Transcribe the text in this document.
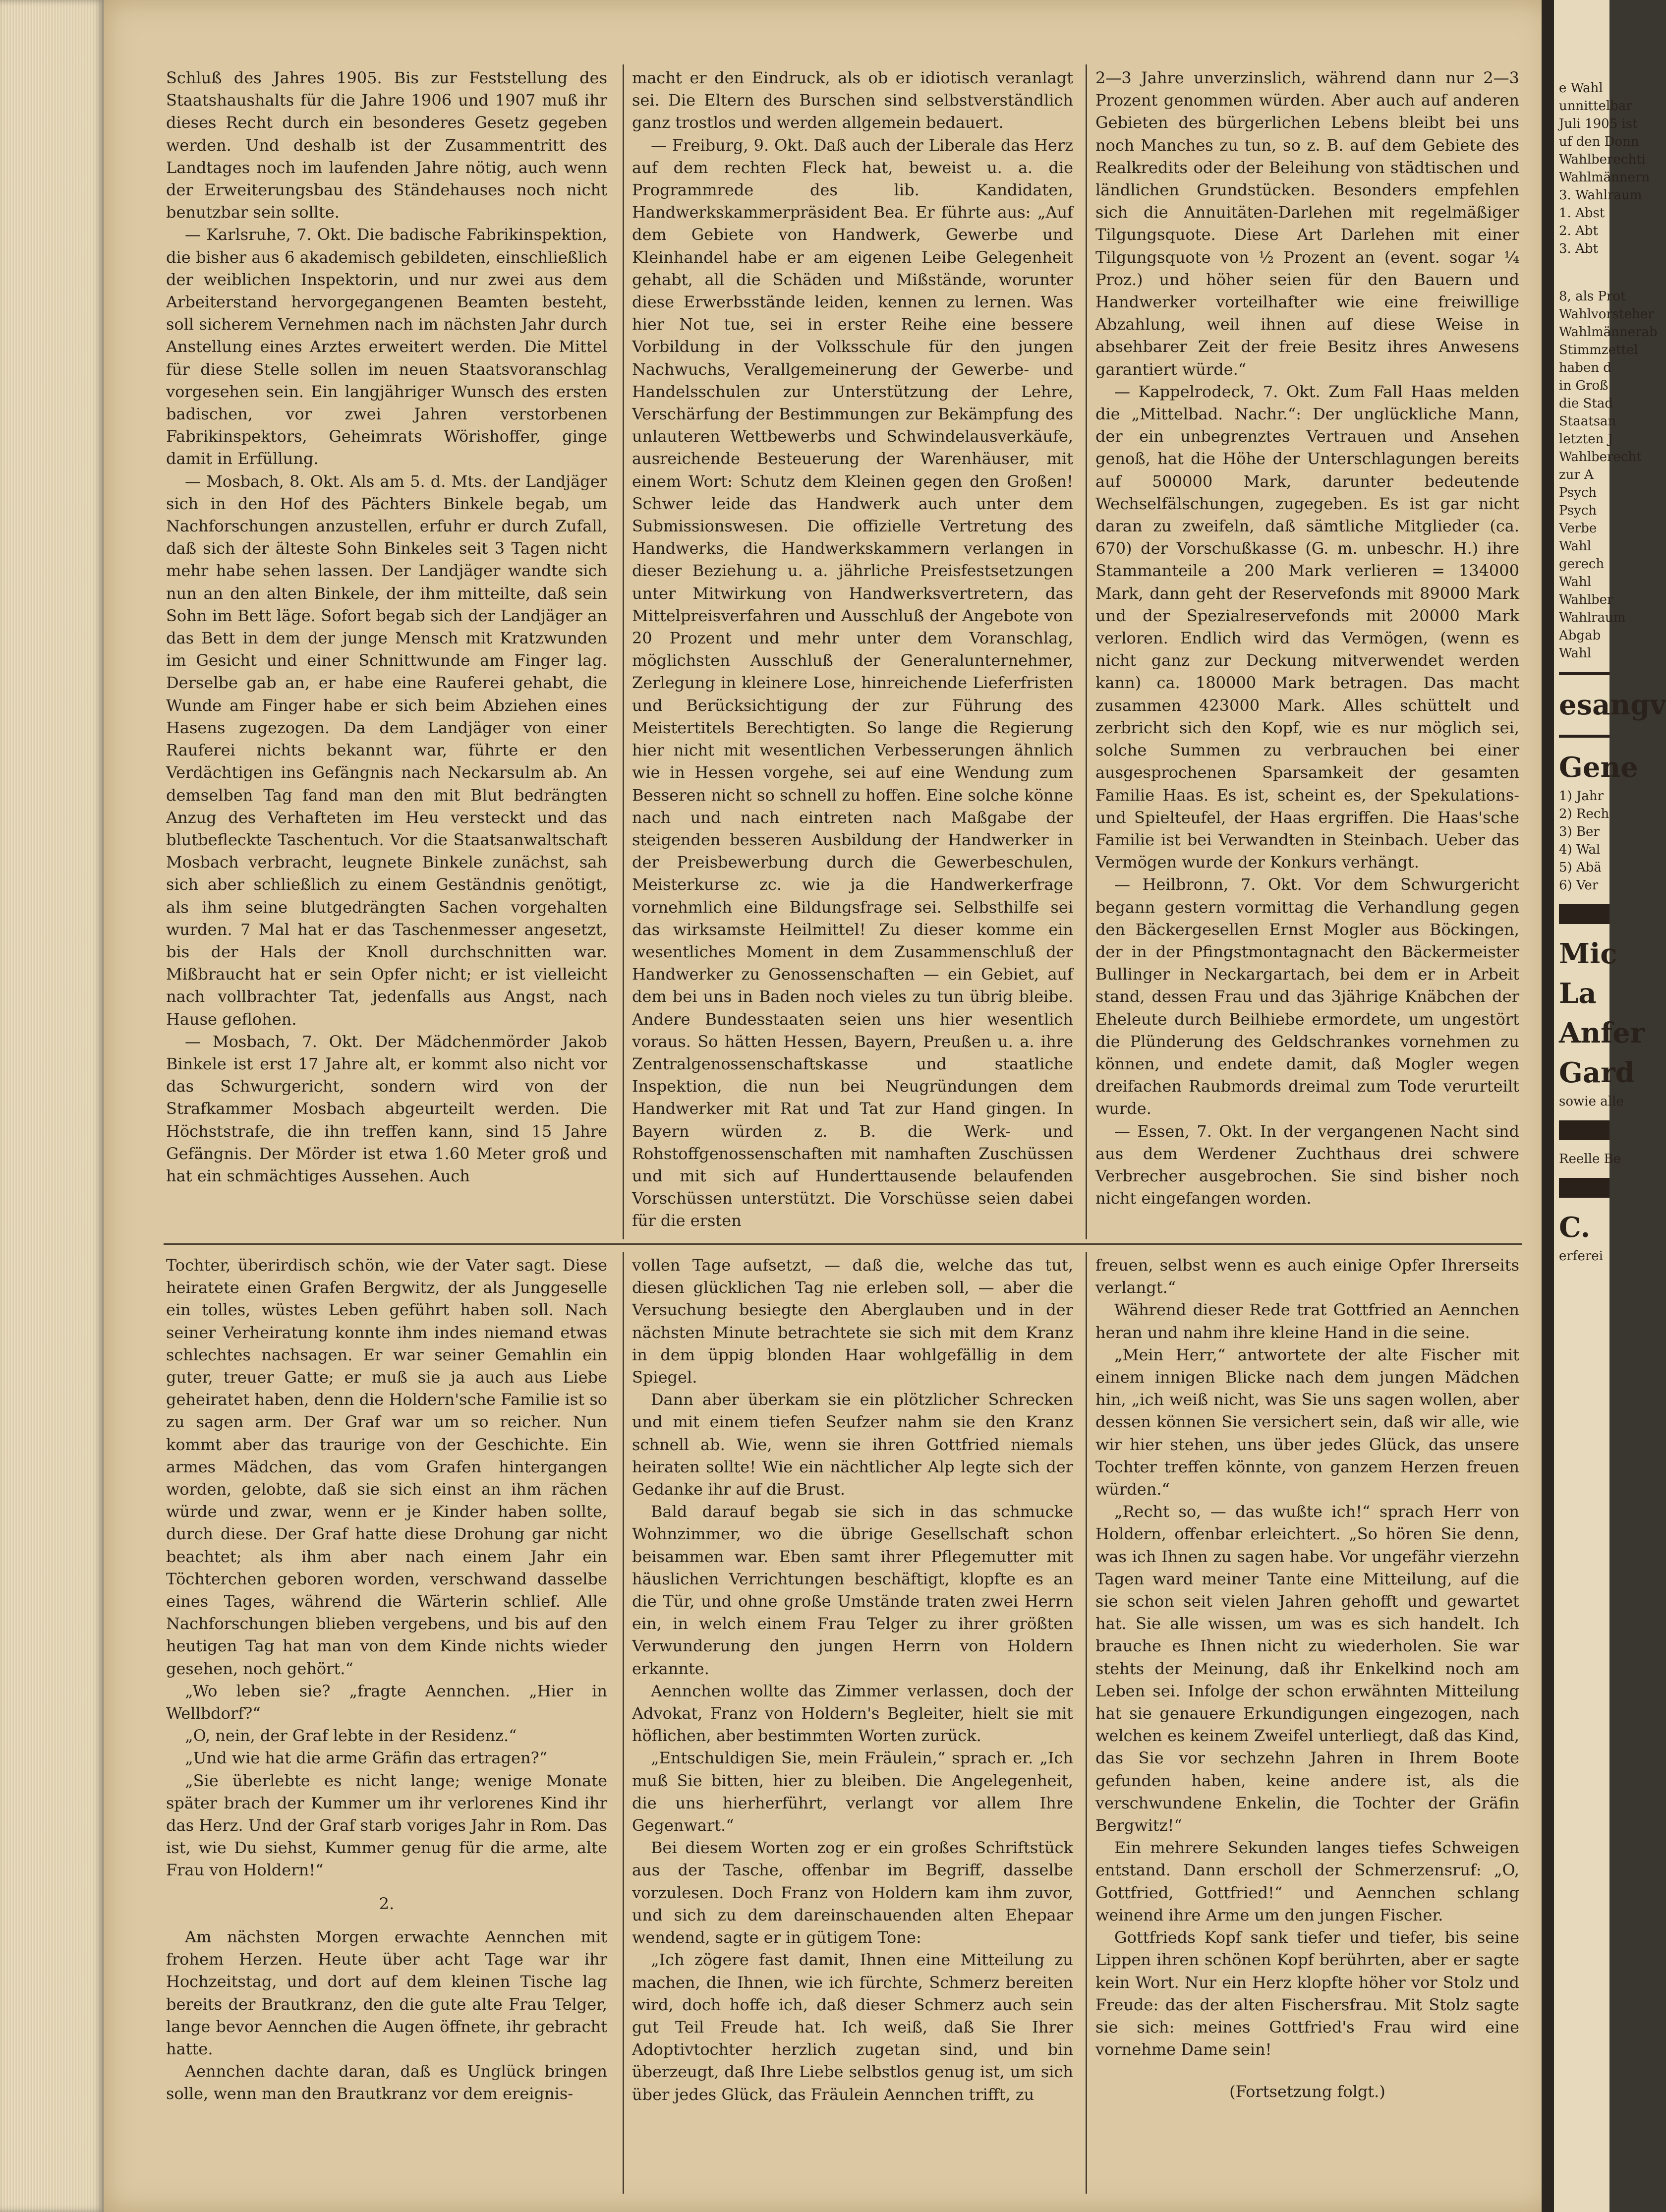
Schluß des Jahres 1905. Bis zur Feststellung des Staatshaushalts für die Jahre 1906 und 1907 muß ihr dieses Recht durch ein besonderes Gesetz gegeben werden. Und deshalb ist der Zusammentritt des Landtages noch im laufenden Jahre nötig, auch wenn der Erweiterungsbau des Ständehauses noch nicht benutzbar sein sollte.

— Karlsruhe, 7. Okt. Die badische Fabrikinspektion, die bisher aus 6 akademisch gebildeten, einschließlich der weiblichen Inspektorin, und nur zwei aus dem Arbeiterstand hervorgegangenen Beamten besteht, soll sicherem Vernehmen nach im nächsten Jahr durch Anstellung eines Arztes erweitert werden. Die Mittel für diese Stelle sollen im neuen Staatsvoranschlag vorgesehen sein. Ein langjähriger Wunsch des ersten badischen, vor zwei Jahren verstorbenen Fabrikinspektors, Geheimrats Wörishoffer, ginge damit in Erfüllung.

— Mosbach, 8. Okt. Als am 5. d. Mts. der Landjäger sich in den Hof des Pächters Binkele begab, um Nachforschungen anzustellen, erfuhr er durch Zufall, daß sich der älteste Sohn Binkeles seit 3 Tagen nicht mehr habe sehen lassen. Der Landjäger wandte sich nun an den alten Binkele, der ihm mitteilte, daß sein Sohn im Bett läge. Sofort begab sich der Landjäger an das Bett in dem der junge Mensch mit Kratzwunden im Gesicht und einer Schnittwunde am Finger lag. Derselbe gab an, er habe eine Rauferei gehabt, die Wunde am Finger habe er sich beim Abziehen eines Hasens zugezogen. Da dem Landjäger von einer Rauferei nichts bekannt war, führte er den Verdächtigen ins Gefängnis nach Neckarsulm ab. An demselben Tag fand man den mit Blut bedrängten Anzug des Verhafteten im Heu versteckt und das blutbefleckte Taschentuch. Vor die Staatsanwaltschaft Mosbach verbracht, leugnete Binkele zunächst, sah sich aber schließlich zu einem Geständnis genötigt, als ihm seine blutgedrängten Sachen vorgehalten wurden. 7 Mal hat er das Taschenmesser angesetzt, bis der Hals der Knoll durchschnitten war. Mißbraucht hat er sein Opfer nicht; er ist vielleicht nach vollbrachter Tat, jedenfalls aus Angst, nach Hause geflohen.

— Mosbach, 7. Okt. Der Mädchenmörder Jakob Binkele ist erst 17 Jahre alt, er kommt also nicht vor das Schwurgericht, sondern wird von der Strafkammer Mosbach abgeurteilt werden. Die Höchststrafe, die ihn treffen kann, sind 15 Jahre Gefängnis. Der Mörder ist etwa 1.60 Meter groß und hat ein schmächtiges Aussehen. Auch

macht er den Eindruck, als ob er idiotisch veranlagt sei. Die Eltern des Burschen sind selbstverständlich ganz trostlos und werden allgemein bedauert.

— Freiburg, 9. Okt. Daß auch der Liberale das Herz auf dem rechten Fleck hat, beweist u. a. die Programmrede des lib. Kandidaten, Handwerkskammerpräsident Bea. Er führte aus: „Auf dem Gebiete von Handwerk, Gewerbe und Kleinhandel habe er am eigenen Leibe Gelegenheit gehabt, all die Schäden und Mißstände, worunter diese Erwerbsstände leiden, kennen zu lernen. Was hier Not tue, sei in erster Reihe eine bessere Vorbildung in der Volksschule für den jungen Nachwuchs, Verallgemeinerung der Gewerbe- und Handelsschulen zur Unterstützung der Lehre, Verschärfung der Bestimmungen zur Bekämpfung des unlauteren Wettbewerbs und Schwindelausverkäufe, ausreichende Besteuerung der Warenhäuser, mit einem Wort: Schutz dem Kleinen gegen den Großen! Schwer leide das Handwerk auch unter dem Submissionswesen. Die offizielle Vertretung des Handwerks, die Handwerkskammern verlangen in dieser Beziehung u. a. jährliche Preisfestsetzungen unter Mitwirkung von Handwerksvertretern, das Mittelpreisverfahren und Ausschluß der Angebote von 20 Prozent und mehr unter dem Voranschlag, möglichsten Ausschluß der Generalunternehmer, Zerlegung in kleinere Lose, hinreichende Lieferfristen und Berücksichtigung der zur Führung des Meistertitels Berechtigten. So lange die Regierung hier nicht mit wesentlichen Verbesserungen ähnlich wie in Hessen vorgehe, sei auf eine Wendung zum Besseren nicht so schnell zu hoffen. Eine solche könne nach und nach eintreten nach Maßgabe der steigenden besseren Ausbildung der Handwerker in der Preisbewerbung durch die Gewerbeschulen, Meisterkurse zc. wie ja die Handwerkerfrage vornehmlich eine Bildungsfrage sei. Selbsthilfe sei das wirksamste Heilmittel! Zu dieser komme ein wesentliches Moment in dem Zusammenschluß der Handwerker zu Genossenschaften — ein Gebiet, auf dem bei uns in Baden noch vieles zu tun übrig bleibe. Andere Bundesstaaten seien uns hier wesentlich voraus. So hätten Hessen, Bayern, Preußen u. a. ihre Zentralgenossenschaftskasse und staatliche Inspektion, die nun bei Neugründungen dem Handwerker mit Rat und Tat zur Hand gingen. In Bayern würden z. B. die Werk- und Rohstoffgenossenschaften mit namhaften Zuschüssen und mit sich auf Hunderttausende belaufenden Vorschüssen unterstützt. Die Vorschüsse seien dabei für die ersten

2—3 Jahre unverzinslich, während dann nur 2—3 Prozent genommen würden. Aber auch auf anderen Gebieten des bürgerlichen Lebens bleibt bei uns noch Manches zu tun, so z. B. auf dem Gebiete des Realkredits oder der Beleihung von städtischen und ländlichen Grundstücken. Besonders empfehlen sich die Annuitäten-Darlehen mit regelmäßiger Tilgungsquote. Diese Art Darlehen mit einer Tilgungsquote von ½ Prozent an (event. sogar ¼ Proz.) und höher seien für den Bauern und Handwerker vorteilhafter wie eine freiwillige Abzahlung, weil ihnen auf diese Weise in absehbarer Zeit der freie Besitz ihres Anwesens garantiert würde.“

— Kappelrodeck, 7. Okt. Zum Fall Haas melden die „Mittelbad. Nachr.“: Der unglückliche Mann, der ein unbegrenztes Vertrauen und Ansehen genoß, hat die Höhe der Unterschlagungen bereits auf 500000 Mark, darunter bedeutende Wechselfälschungen, zugegeben. Es ist gar nicht daran zu zweifeln, daß sämtliche Mitglieder (ca. 670) der Vorschußkasse (G. m. unbeschr. H.) ihre Stammanteile a 200 Mark verlieren = 134000 Mark, dann geht der Reservefonds mit 89000 Mark und der Spezialreservefonds mit 20000 Mark verloren. Endlich wird das Vermögen, (wenn es nicht ganz zur Deckung mitverwendet werden kann) ca. 180000 Mark betragen. Das macht zusammen 423000 Mark. Alles schüttelt und zerbricht sich den Kopf, wie es nur möglich sei, solche Summen zu verbrauchen bei einer ausgesprochenen Sparsamkeit der gesamten Familie Haas. Es ist, scheint es, der Spekulations- und Spielteufel, der Haas ergriffen. Die Haas'sche Familie ist bei Verwandten in Steinbach. Ueber das Vermögen wurde der Konkurs verhängt.

— Heilbronn, 7. Okt. Vor dem Schwurgericht begann gestern vormittag die Verhandlung gegen den Bäckergesellen Ernst Mogler aus Böckingen, der in der Pfingstmontagnacht den Bäckermeister Bullinger in Neckargartach, bei dem er in Arbeit stand, dessen Frau und das 3jährige Knäbchen der Eheleute durch Beilhiebe ermordete, um ungestört die Plünderung des Geldschrankes vornehmen zu können, und endete damit, daß Mogler wegen dreifachen Raubmords dreimal zum Tode verurteilt wurde.

— Essen, 7. Okt. In der vergangenen Nacht sind aus dem Werdener Zuchthaus drei schwere Verbrecher ausgebrochen. Sie sind bisher noch nicht eingefangen worden.

Tochter, überirdisch schön, wie der Vater sagt. Diese heiratete einen Grafen Bergwitz, der als Junggeselle ein tolles, wüstes Leben geführt haben soll. Nach seiner Verheiratung konnte ihm indes niemand etwas schlechtes nachsagen. Er war seiner Gemahlin ein guter, treuer Gatte; er muß sie ja auch aus Liebe geheiratet haben, denn die Holdern'sche Familie ist so zu sagen arm. Der Graf war um so reicher. Nun kommt aber das traurige von der Geschichte. Ein armes Mädchen, das vom Grafen hintergangen worden, gelobte, daß sie sich einst an ihm rächen würde und zwar, wenn er je Kinder haben sollte, durch diese. Der Graf hatte diese Drohung gar nicht beachtet; als ihm aber nach einem Jahr ein Töchterchen geboren worden, verschwand dasselbe eines Tages, während die Wärterin schlief. Alle Nachforschungen blieben vergebens, und bis auf den heutigen Tag hat man von dem Kinde nichts wieder gesehen, noch gehört.“

„Wo leben sie? „fragte Aennchen. „Hier in Wellbdorf?“

„O, nein, der Graf lebte in der Residenz.“

„Und wie hat die arme Gräfin das ertragen?“

„Sie überlebte es nicht lange; wenige Monate später brach der Kummer um ihr verlorenes Kind ihr das Herz. Und der Graf starb voriges Jahr in Rom. Das ist, wie Du siehst, Kummer genug für die arme, alte Frau von Holdern!“

2.

Am nächsten Morgen erwachte Aennchen mit frohem Herzen. Heute über acht Tage war ihr Hochzeitstag, und dort auf dem kleinen Tische lag bereits der Brautkranz, den die gute alte Frau Telger, lange bevor Aennchen die Augen öffnete, ihr gebracht hatte.

Aennchen dachte daran, daß es Unglück bringen solle, wenn man den Brautkranz vor dem ereignis-

vollen Tage aufsetzt, — daß die, welche das tut, diesen glücklichen Tag nie erleben soll, — aber die Versuchung besiegte den Aberglauben und in der nächsten Minute betrachtete sie sich mit dem Kranz in dem üppig blonden Haar wohlgefällig in dem Spiegel.

Dann aber überkam sie ein plötzlicher Schrecken und mit einem tiefen Seufzer nahm sie den Kranz schnell ab. Wie, wenn sie ihren Gottfried niemals heiraten sollte! Wie ein nächtlicher Alp legte sich der Gedanke ihr auf die Brust.

Bald darauf begab sie sich in das schmucke Wohnzimmer, wo die übrige Gesellschaft schon beisammen war. Eben samt ihrer Pflegemutter mit häuslichen Verrichtungen beschäftigt, klopfte es an die Tür, und ohne große Umstände traten zwei Herrn ein, in welch einem Frau Telger zu ihrer größten Verwunderung den jungen Herrn von Holdern erkannte.

Aennchen wollte das Zimmer verlassen, doch der Advokat, Franz von Holdern's Begleiter, hielt sie mit höflichen, aber bestimmten Worten zurück.

„Entschuldigen Sie, mein Fräulein,“ sprach er. „Ich muß Sie bitten, hier zu bleiben. Die Angelegenheit, die uns hierherführt, verlangt vor allem Ihre Gegenwart.“

Bei diesem Worten zog er ein großes Schriftstück aus der Tasche, offenbar im Begriff, dasselbe vorzulesen. Doch Franz von Holdern kam ihm zuvor, und sich zu dem dareinschauenden alten Ehepaar wendend, sagte er in gütigem Tone:

„Ich zögere fast damit, Ihnen eine Mitteilung zu machen, die Ihnen, wie ich fürchte, Schmerz bereiten wird, doch hoffe ich, daß dieser Schmerz auch sein gut Teil Freude hat. Ich weiß, daß Sie Ihrer Adoptivtochter herzlich zugetan sind, und bin überzeugt, daß Ihre Liebe selbstlos genug ist, um sich über jedes Glück, das Fräulein Aennchen trifft, zu

freuen, selbst wenn es auch einige Opfer Ihrerseits verlangt.“

Während dieser Rede trat Gottfried an Aennchen heran und nahm ihre kleine Hand in die seine.

„Mein Herr,“ antwortete der alte Fischer mit einem innigen Blicke nach dem jungen Mädchen hin, „ich weiß nicht, was Sie uns sagen wollen, aber dessen können Sie versichert sein, daß wir alle, wie wir hier stehen, uns über jedes Glück, das unsere Tochter treffen könnte, von ganzem Herzen freuen würden.“

„Recht so, — das wußte ich!“ sprach Herr von Holdern, offenbar erleichtert. „So hören Sie denn, was ich Ihnen zu sagen habe. Vor ungefähr vierzehn Tagen ward meiner Tante eine Mitteilung, auf die sie schon seit vielen Jahren gehofft und gewartet hat. Sie alle wissen, um was es sich handelt. Ich brauche es Ihnen nicht zu wiederholen. Sie war stehts der Meinung, daß ihr Enkelkind noch am Leben sei. Infolge der schon erwähnten Mitteilung hat sie genauere Erkundigungen eingezogen, nach welchen es keinem Zweifel unterliegt, daß das Kind, das Sie vor sechzehn Jahren in Ihrem Boote gefunden haben, keine andere ist, als die verschwundene Enkelin, die Tochter der Gräfin Bergwitz!“

Ein mehrere Sekunden langes tiefes Schweigen entstand. Dann erscholl der Schmerzensruf: „O, Gottfried, Gottfried!“ und Aennchen schlang weinend ihre Arme um den jungen Fischer.

Gottfrieds Kopf sank tiefer und tiefer, bis seine Lippen ihren schönen Kopf berührten, aber er sagte kein Wort. Nur ein Herz klopfte höher vor Stolz und Freude: das der alten Fischersfrau. Mit Stolz sagte sie sich: meines Gottfried's Frau wird eine vornehme Dame sein!

(Fortsetzung folgt.)

e Wahl
unnittelbar
Juli 1905 ist
uf den Donn
Wahlberechti
Wahlmännern
3. Wahlraum
1. Abst
2. Abt
3. Abt
8, als Prot
Wahlvorsteher
Wahlmännerab
Stimmzettel
haben d
in Groß
die Stad
Staatsan
letzten J
Wahlberecht
zur A
Psych
Psych
Verbe
Wahl
gerech
Wahl
Wahlber
Wahlraum
Abgab
Wahl
esangv
Gene
1) Jahr
2) Rech
3) Ber
4) Wal
5) Abä
6) Ver
Mic
La
Anfer
Gard
sowie alle
Reelle Be
C.
erferei
